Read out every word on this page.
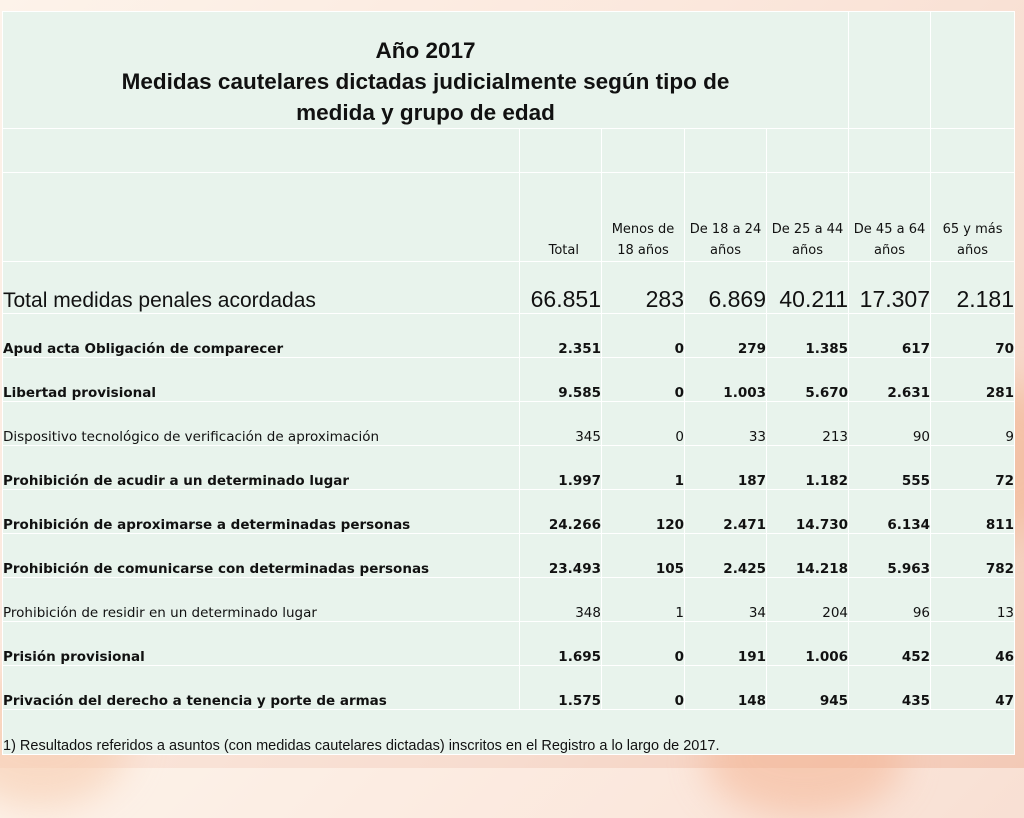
Año 2017
Medidas cautelares dictadas judicialmente según tipo de
medida y grupo de edad						

	Total	Menos de 18 años	De 18 a 24 años	De 25 a 44 años	De 45 a 64 años	65 y más años
Total medidas penales acordadas	66.851	283	6.869	40.211	17.307	2.181
Apud acta Obligación de comparecer	2.351	0	279	1.385	617	70
Libertad provisional	9.585	0	1.003	5.670	2.631	281
Dispositivo tecnológico de verificación de aproximación	345	0	33	213	90	9
Prohibición de acudir a un determinado lugar	1.997	1	187	1.182	555	72
Prohibición de aproximarse a determinadas personas	24.266	120	2.471	14.730	6.134	811
Prohibición de comunicarse con determinadas personas	23.493	105	2.425	14.218	5.963	782
Prohibición de residir en un determinado lugar	348	1	34	204	96	13
Prisión provisional	1.695	0	191	1.006	452	46
Privación del derecho a tenencia y porte de armas	1.575	0	148	945	435	47
1) Resultados referidos a asuntos (con medidas cautelares dictadas) inscritos en el Registro a lo largo de 2017.						
